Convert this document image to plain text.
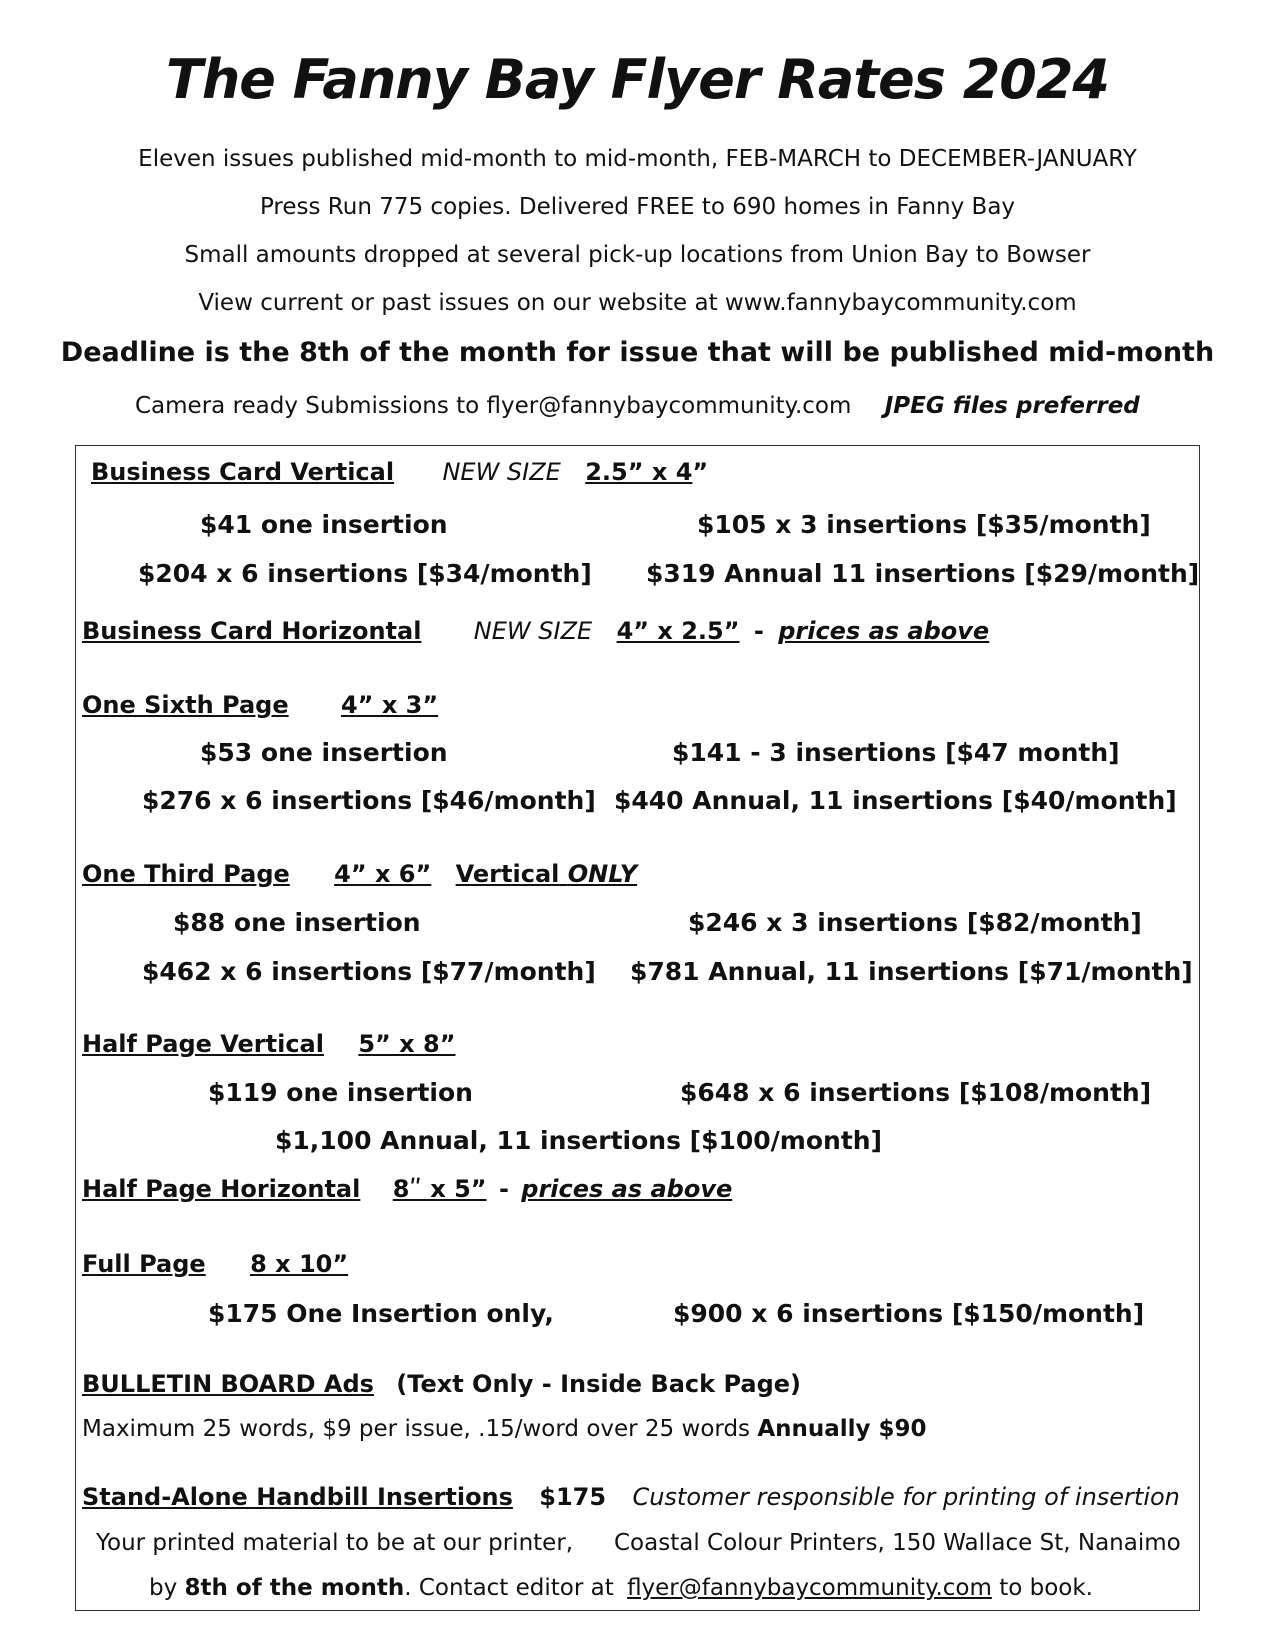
The Fanny Bay Flyer Rates 2024
Eleven issues published mid-month to mid-month, FEB-MARCH to DECEMBER-JANUARY
Press Run 775 copies. Delivered FREE to 690 homes in Fanny Bay
Small amounts dropped at several pick-up locations from Union Bay to Bowser
View current or past issues on our website at www.fannybaycommunity.com
Deadline is the 8th of the month for issue that will be published mid-month
Camera ready Submissions to flyer@fannybaycommunity.com JPEG files preferred
Business Card Vertical NEW SIZE 2.5” x 4”
$41 one insertion	$105 x 3 insertions [$35/month]
$204 x 6 insertions [$34/month] $319 Annual 11 insertions [$29/month]
Business Card Horizontal NEW SIZE 4” x 2.5” - prices as above
One Sixth Page 4” x 3”
$53 one insertion	$141 - 3 insertions [$47 month]
$276 x 6 insertions [$46/month] $440 Annual, 11 insertions [$40/month]
One Third Page 4” x 6” Vertical ONLY
$88 one insertion	$246 x 3 insertions [$82/month]
$462 x 6 insertions [$77/month] $781 Annual, 11 insertions [$71/month]
Half Page Vertical 5” x 8”
$119 one insertion	$648 x 6 insertions [$108/month]
$1,100 Annual, 11 insertions [$100/month]
Half Page Horizontal 8ʺ x 5” - prices as above
Full Page 8 x 10”
$175 One Insertion only,	$900 x 6 insertions [$150/month]
BULLETIN BOARD Ads (Text Only - Inside Back Page)
Maximum 25 words, $9 per issue, .15/word over 25 words Annually $90
Stand-Alone Handbill Insertions $175 Customer responsible for printing of insertion
Your printed material to be at our printer, Coastal Colour Printers, 150 Wallace St, Nanaimo
by 8th of the month. Contact editor at flyer@fannybaycommunity.com to book.
